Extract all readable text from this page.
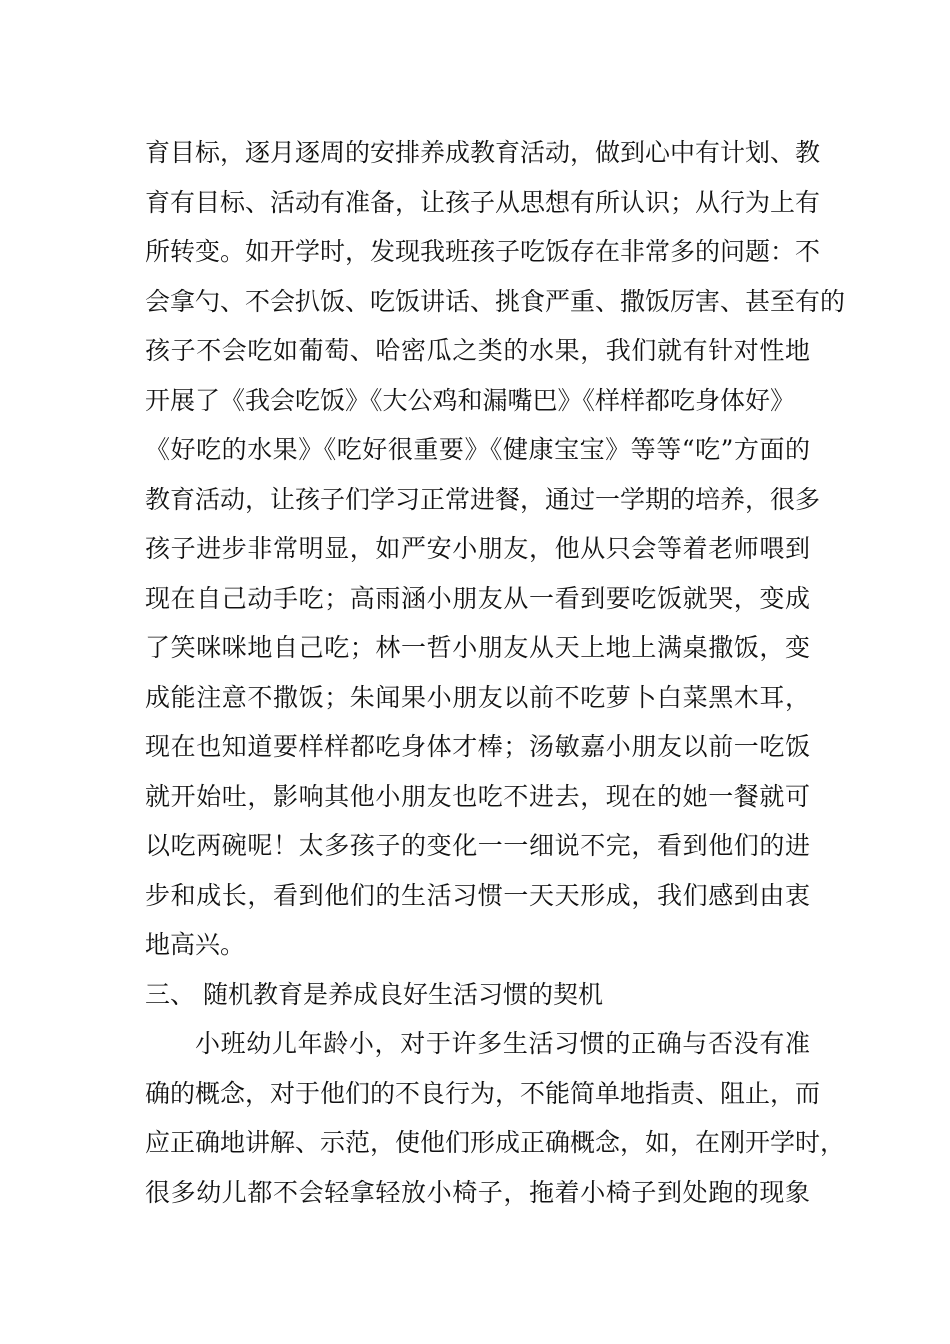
育目标，逐月逐周的安排养成教育活动，做到心中有计划、教
育有目标、活动有准备，让孩子从思想有所认识；从行为上有
所转变。如开学时，发现我班孩子吃饭存在非常多的问题：不
会拿勺、不会扒饭、吃饭讲话、挑食严重、撒饭厉害、甚至有的
孩子不会吃如葡萄、哈密瓜之类的水果，我们就有针对性地
开展了《我会吃饭》《大公鸡和漏嘴巴》《样样都吃身体好》
《好吃的水果》《吃好很重要》《健康宝宝》等等“吃”方面的
教育活动，让孩子们学习正常进餐，通过一学期的培养，很多
孩子进步非常明显，如严安小朋友，他从只会等着老师喂到
现在自己动手吃；高雨涵小朋友从一看到要吃饭就哭，变成
了笑咪咪地自己吃；林一哲小朋友从天上地上满桌撒饭，变
成能注意不撒饭；朱闻果小朋友以前不吃萝卜白菜黑木耳，
现在也知道要样样都吃身体才棒；汤敏嘉小朋友以前一吃饭
就开始吐，影响其他小朋友也吃不进去，现在的她一餐就可
以吃两碗呢！太多孩子的变化一一细说不完，看到他们的进
步和成长，看到他们的生活习惯一天天形成，我们感到由衷
地高兴。
三、 随机教育是养成良好生活习惯的契机
小班幼儿年龄小，对于许多生活习惯的正确与否没有准
确的概念，对于他们的不良行为，不能简单地指责、阻止，而
应正确地讲解、示范，使他们形成正确概念，如，在刚开学时，
很多幼儿都不会轻拿轻放小椅子，拖着小椅子到处跑的现象
